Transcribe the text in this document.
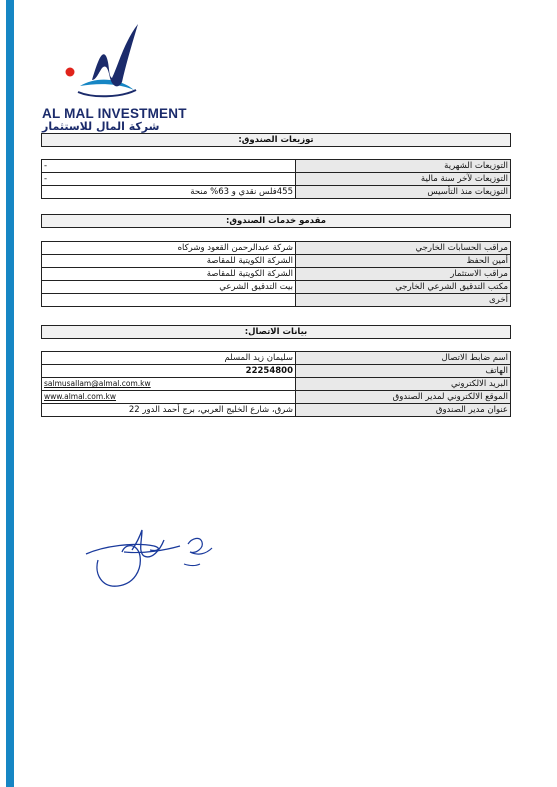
AL MAL INVESTMENT
شركة المال للاستثمار
توزيعات الصندوق:
-	التوزيعات الشهرية
-	التوزيعات لآخر سنة مالية
455فلس نقدي و 63% منحة	التوزيعات منذ التأسيس
مقدمو خدمات الصندوق:
شركة عبدالرحمن القعود وشركاه	مراقب الحسابات الخارجي
الشركة الكويتية للمقاصة	أمين الحفظ
الشركة الكويتية للمقاصة	مراقب الاستثمار
بيت التدقيق الشرعي	مكتب التدقيق الشرعي الخارجي
	أخرى
بيانات الاتصال:
سليمان زيد المسلم	اسم ضابط الاتصال
22254800	الهاتف
salmusallam@almal.com.kw	البريد الالكتروني
www.almal.com.kw	الموقع الالكتروني لمدير الصندوق
شرق، شارع الخليج العربي، برج أحمد الدور 22	عنوان مدير الصندوق
